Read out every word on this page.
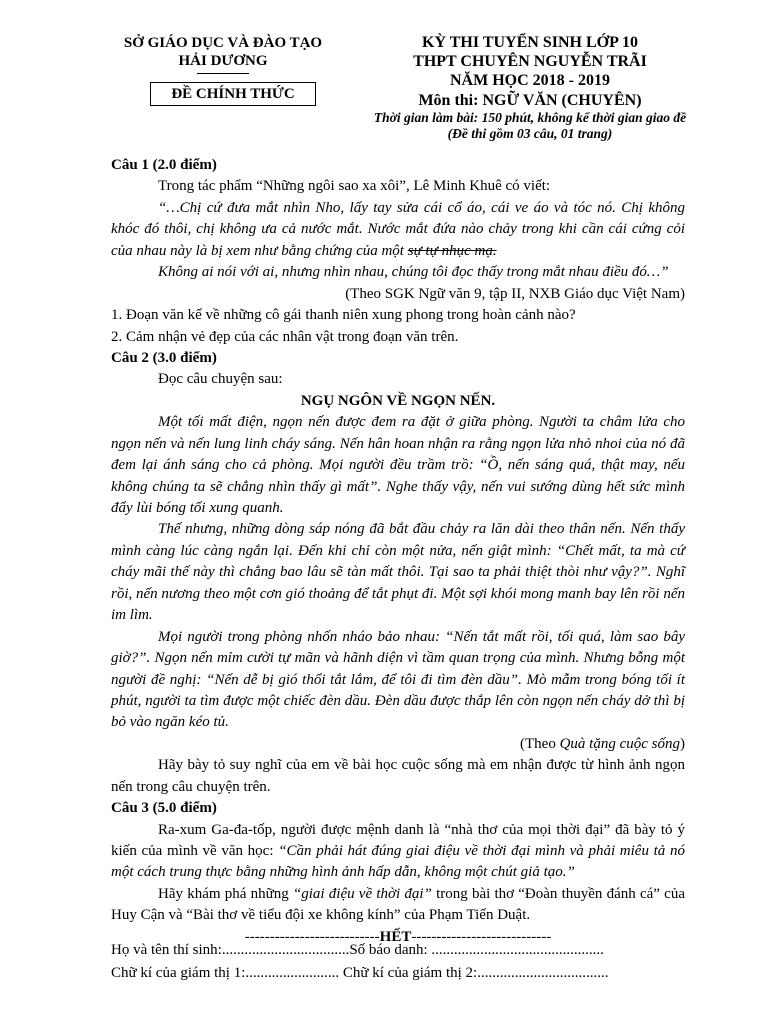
SỞ GIÁO DỤC VÀ ĐÀO TẠO
HẢI DƯƠNG
ĐỀ CHÍNH THỨC
KỲ THI TUYỂN SINH LỚP 10
THPT CHUYÊN NGUYỄN TRÃI
NĂM HỌC 2018 - 2019
Môn thi: NGỮ VĂN (CHUYÊN)
Thời gian làm bài: 150 phút, không kể thời gian giao đề
(Đề thi gồm 03 câu, 01 trang)

Câu 1 (2.0 điểm)

Trong tác phẩm “Những ngôi sao xa xôi”, Lê Minh Khuê có viết:

“…Chị cứ đưa mắt nhìn Nho, lấy tay sửa cái cổ áo, cái ve áo và tóc nó. Chị không khóc đó thôi, chị không ưa cả nước mắt. Nước mắt đứa nào chảy trong khi cần cái cứng cỏi của nhau này là bị xem như bằng chứng của một sự tự nhục mạ.

Không ai nói với ai, nhưng nhìn nhau, chúng tôi đọc thấy trong mắt nhau điều đó…”

(Theo SGK Ngữ văn 9, tập II, NXB Giáo dục Việt Nam)

1. Đoạn văn kể về những cô gái thanh niên xung phong trong hoàn cảnh nào?

2. Cảm nhận vẻ đẹp của các nhân vật trong đoạn văn trên.

Câu 2 (3.0 điểm)

Đọc câu chuyện sau:

NGỤ NGÔN VỀ NGỌN NẾN.

Một tối mất điện, ngọn nến được đem ra đặt ở giữa phòng. Người ta châm lửa cho ngọn nến và nến lung linh cháy sáng. Nến hân hoan nhận ra rằng ngọn lửa nhỏ nhoi của nó đã đem lại ánh sáng cho cả phòng. Mọi người đều trầm trồ: “Ồ, nến sáng quá, thật may, nếu không chúng ta sẽ chẳng nhìn thấy gì mất”. Nghe thấy vậy, nến vui sướng dùng hết sức mình đẩy lùi bóng tối xung quanh.

Thế nhưng, những dòng sáp nóng đã bắt đầu chảy ra lăn dài theo thân nến. Nến thấy mình càng lúc càng ngắn lại. Đến khi chỉ còn một nửa, nến giật mình: “Chết mất, ta mà cứ cháy mãi thế này thì chẳng bao lâu sẽ tàn mất thôi. Tại sao ta phải thiệt thòi như vậy?”. Nghĩ rồi, nến nương theo một cơn gió thoảng để tắt phụt đi. Một sợi khói mong manh bay lên rồi nến im lìm.

Mọi người trong phòng nhốn nháo bảo nhau: “Nến tắt mất rồi, tối quá, làm sao bây giờ?”. Ngọn nến mỉm cười tự mãn và hãnh diện vì tầm quan trọng của mình. Nhưng bỗng một người đề nghị: “Nến dễ bị gió thổi tắt lắm, để tôi đi tìm đèn dầu”. Mò mẫm trong bóng tối ít phút, người ta tìm được một chiếc đèn dầu. Đèn dầu được thắp lên còn ngọn nến cháy dở thì bị bỏ vào ngăn kéo tủ.

(Theo Quà tặng cuộc sống)

Hãy bày tỏ suy nghĩ của em về bài học cuộc sống mà em nhận được từ hình ảnh ngọn nến trong câu chuyện trên.

Câu 3 (5.0 điểm)

Ra-xum Ga-đa-tốp, người được mệnh danh là “nhà thơ của mọi thời đại” đã bày tỏ ý kiến của mình về văn học: “Cần phải hát đúng giai điệu về thời đại mình và phải miêu tả nó một cách trung thực bằng những hình ảnh hấp dẫn, không một chút giả tạo.”

Hãy khám phá những “giai điệu về thời đại” trong bài thơ “Đoàn thuyền đánh cá” của Huy Cận và “Bài thơ về tiểu đội xe không kính” của Phạm Tiến Duật.

---------------------------HẾT----------------------------

Họ và tên thí sinh:..................................Số báo danh: ..............................................

Chữ kí của giám thị 1:......................... Chữ kí của giám thị 2:...................................
